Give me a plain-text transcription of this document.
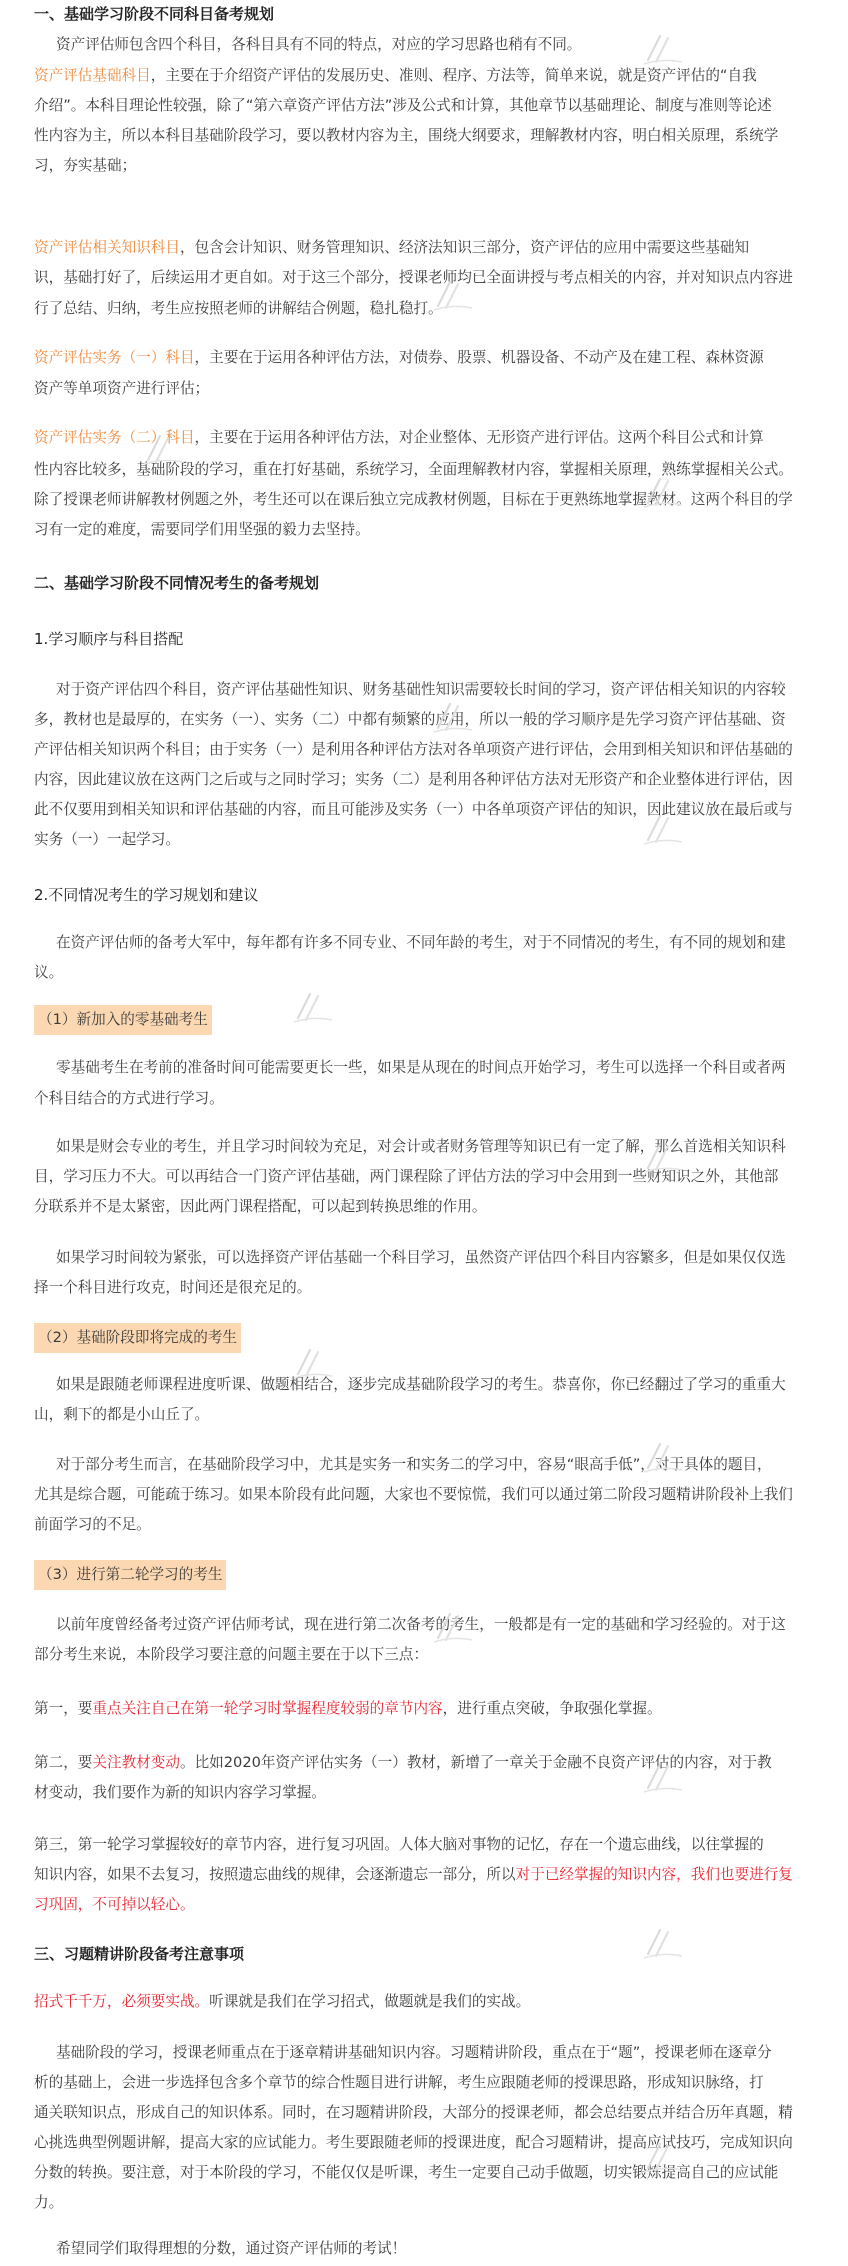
一、基础学习阶段不同科目备考规划
资产评估师包含四个科目，各科目具有不同的特点，对应的学习思路也稍有不同。
资产评估基础科目，主要在于介绍资产评估的发展历史、准则、程序、方法等，简单来说，就是资产评估的“自我
介绍”。本科目理论性较强，除了“第六章资产评估方法”涉及公式和计算，其他章节以基础理论、制度与准则等论述
性内容为主，所以本科目基础阶段学习，要以教材内容为主，围绕大纲要求，理解教材内容，明白相关原理，系统学
习，夯实基础；
资产评估相关知识科目，包含会计知识、财务管理知识、经济法知识三部分，资产评估的应用中需要这些基础知
识，基础打好了，后续运用才更自如。对于这三个部分，授课老师均已全面讲授与考点相关的内容，并对知识点内容进
行了总结、归纳，考生应按照老师的讲解结合例题，稳扎稳打。
资产评估实务（一）科目，主要在于运用各种评估方法，对债券、股票、机器设备、不动产及在建工程、森林资源
资产等单项资产进行评估；
资产评估实务（二）科目，主要在于运用各种评估方法，对企业整体、无形资产进行评估。这两个科目公式和计算
性内容比较多，基础阶段的学习，重在打好基础，系统学习，全面理解教材内容，掌握相关原理，熟练掌握相关公式。
除了授课老师讲解教材例题之外，考生还可以在课后独立完成教材例题，目标在于更熟练地掌握教材。这两个科目的学
习有一定的难度，需要同学们用坚强的毅力去坚持。
二、基础学习阶段不同情况考生的备考规划
1.学习顺序与科目搭配
对于资产评估四个科目，资产评估基础性知识、财务基础性知识需要较长时间的学习，资产评估相关知识的内容较
多，教材也是最厚的，在实务（一）、实务（二）中都有频繁的应用，所以一般的学习顺序是先学习资产评估基础、资
产评估相关知识两个科目；由于实务（一）是利用各种评估方法对各单项资产进行评估，会用到相关知识和评估基础的
内容，因此建议放在这两门之后或与之同时学习；实务（二）是利用各种评估方法对无形资产和企业整体进行评估，因
此不仅要用到相关知识和评估基础的内容，而且可能涉及实务（一）中各单项资产评估的知识，因此建议放在最后或与
实务（一）一起学习。
2.不同情况考生的学习规划和建议
在资产评估师的备考大军中，每年都有许多不同专业、不同年龄的考生，对于不同情况的考生，有不同的规划和建
议。
（1）新加入的零基础考生
零基础考生在考前的准备时间可能需要更长一些，如果是从现在的时间点开始学习，考生可以选择一个科目或者两
个科目结合的方式进行学习。
如果是财会专业的考生，并且学习时间较为充足，对会计或者财务管理等知识已有一定了解，那么首选相关知识科
目，学习压力不大。可以再结合一门资产评估基础，两门课程除了评估方法的学习中会用到一些财知识之外，其他部
分联系并不是太紧密，因此两门课程搭配，可以起到转换思维的作用。
如果学习时间较为紧张，可以选择资产评估基础一个科目学习，虽然资产评估四个科目内容繁多，但是如果仅仅选
择一个科目进行攻克，时间还是很充足的。
（2）基础阶段即将完成的考生
如果是跟随老师课程进度听课、做题相结合，逐步完成基础阶段学习的考生。恭喜你，你已经翻过了学习的重重大
山，剩下的都是小山丘了。
对于部分考生而言，在基础阶段学习中，尤其是实务一和实务二的学习中，容易“眼高手低”，对于具体的题目，
尤其是综合题，可能疏于练习。如果本阶段有此问题，大家也不要惊慌，我们可以通过第二阶段习题精讲阶段补上我们
前面学习的不足。
（3）进行第二轮学习的考生
以前年度曾经备考过资产评估师考试，现在进行第二次备考的考生，一般都是有一定的基础和学习经验的。对于这
部分考生来说，本阶段学习要注意的问题主要在于以下三点：
第一，要重点关注自己在第一轮学习时掌握程度较弱的章节内容，进行重点突破，争取强化掌握。
第二，要关注教材变动。比如2020年资产评估实务（一）教材，新增了一章关于金融不良资产评估的内容，对于教
材变动，我们要作为新的知识内容学习掌握。
第三，第一轮学习掌握较好的章节内容，进行复习巩固。人体大脑对事物的记忆，存在一个遗忘曲线，以往掌握的
知识内容，如果不去复习，按照遗忘曲线的规律，会逐渐遗忘一部分，所以对于已经掌握的知识内容，我们也要进行复
习巩固，不可掉以轻心。
三、习题精讲阶段备考注意事项
招式千千万，必须要实战。听课就是我们在学习招式，做题就是我们的实战。
基础阶段的学习，授课老师重点在于逐章精讲基础知识内容。习题精讲阶段，重点在于“题”，授课老师在逐章分
析的基础上，会进一步选择包含多个章节的综合性题目进行讲解，考生应跟随老师的授课思路，形成知识脉络，打
通关联知识点，形成自己的知识体系。同时，在习题精讲阶段，大部分的授课老师，都会总结要点并结合历年真题，精
心挑选典型例题讲解，提高大家的应试能力。考生要跟随老师的授课进度，配合习题精讲，提高应试技巧，完成知识向
分数的转换。要注意，对于本阶段的学习，不能仅仅是听课，考生一定要自己动手做题，切实锻炼提高自己的应试能
力。
希望同学们取得理想的分数，通过资产评估师的考试！
